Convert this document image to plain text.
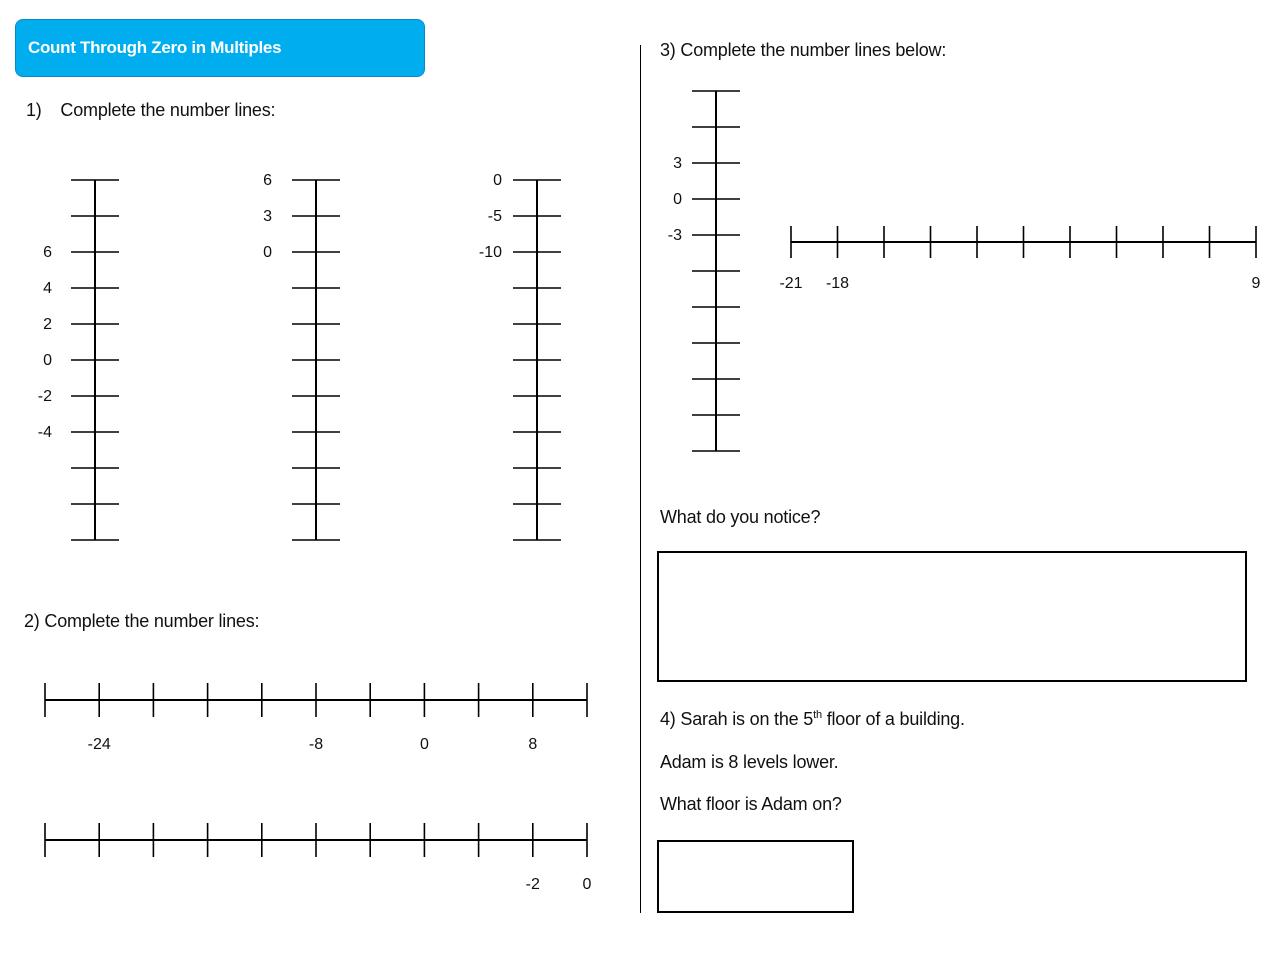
Count Through Zero in Multiples
1) Complete the number lines:
2) Complete the number lines:
3) Complete the number lines below:
What do you notice?
4) Sarah is on the 5th floor of a building.
Adam is 8 levels lower.
What floor is Adam on?
6
4
2
0
-2
-4
6
3
0
0
-5
-10
-24	-8	0	8
-2	0
3
0
-3
-21 -18	9
